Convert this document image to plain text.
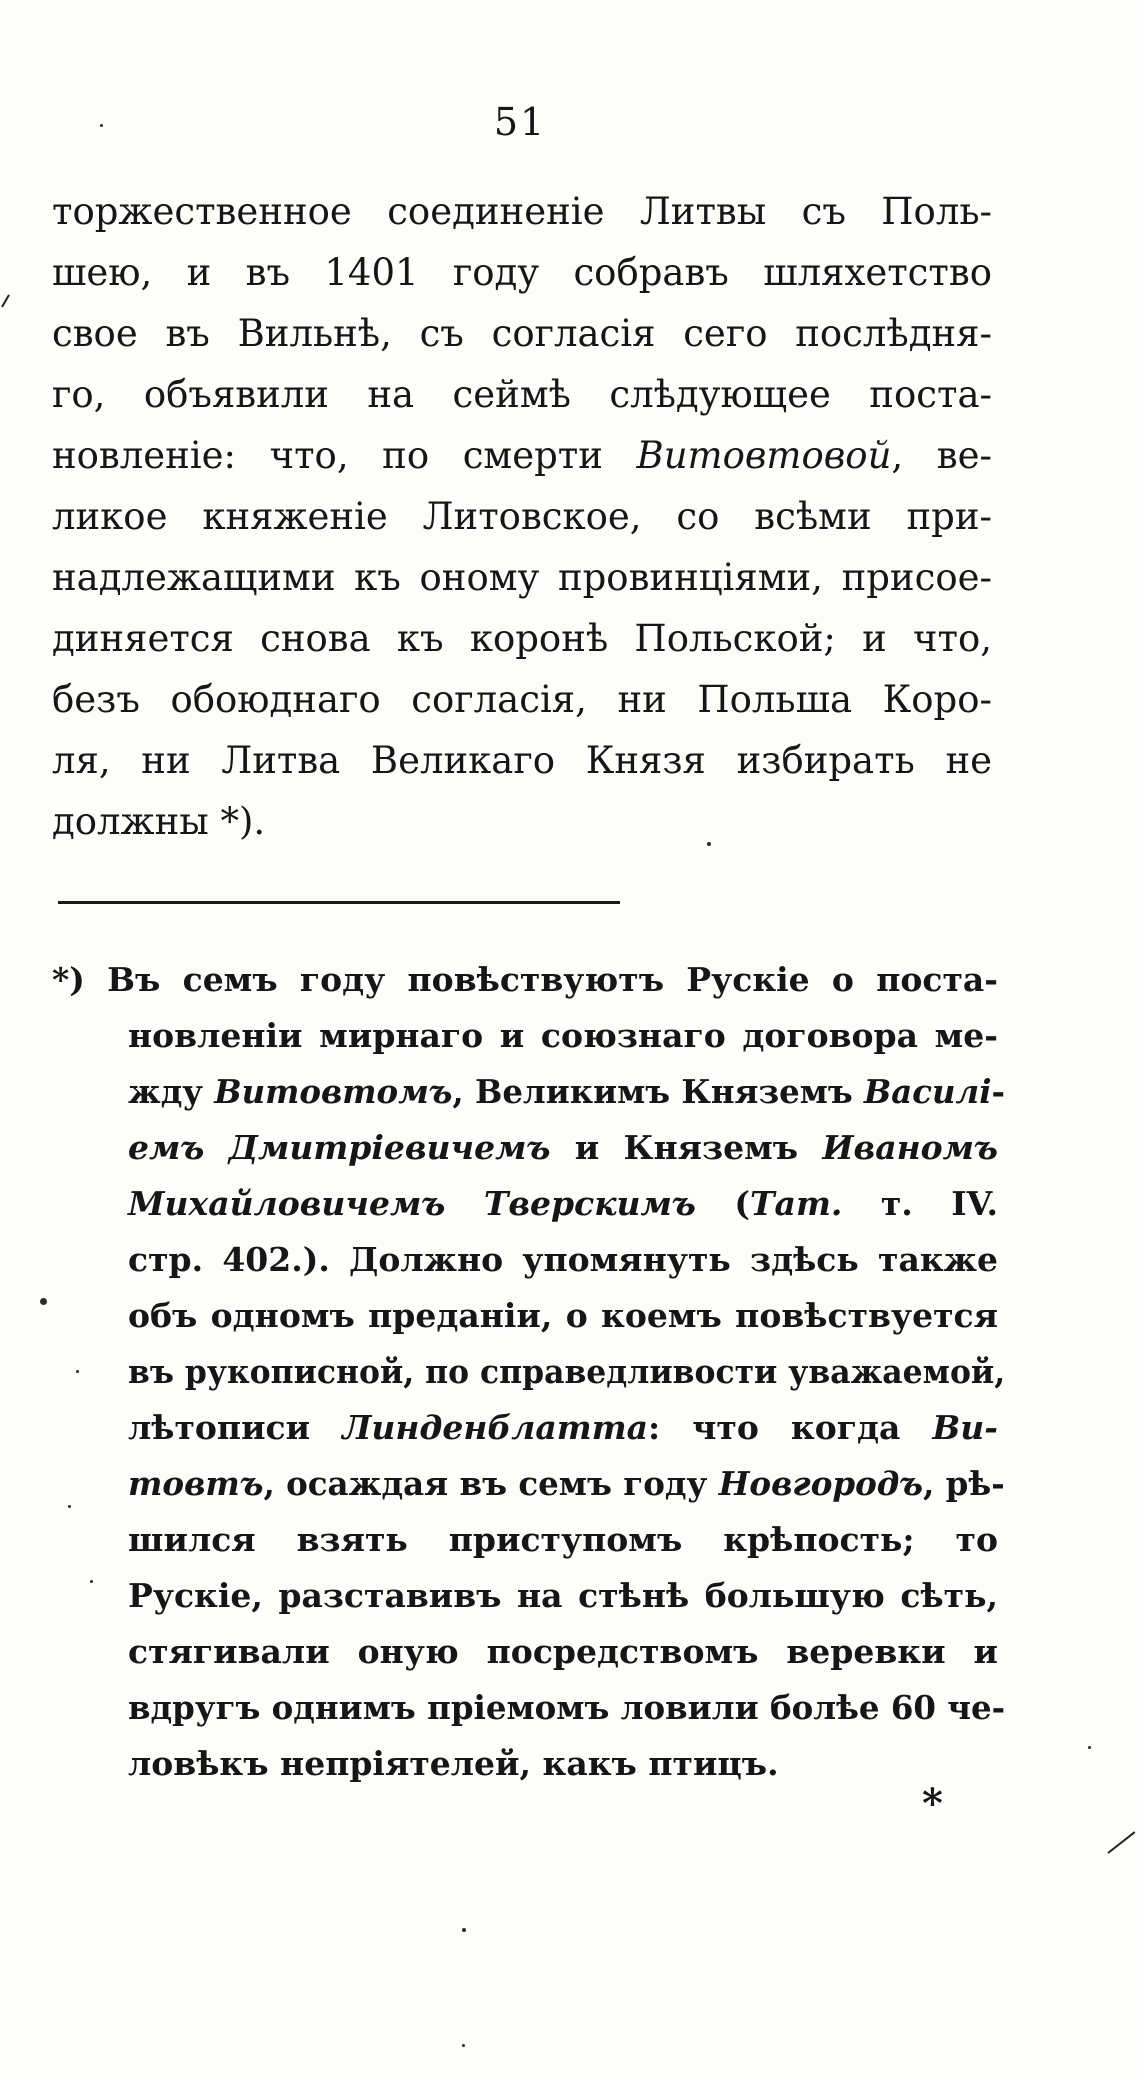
51
торжественное соединеніе Литвы съ Поль-
шею, и въ 1401 году собравъ шляхетство
свое въ Вильнѣ, съ согласія сего послѣдня-
го, объявили на сеймѣ слѣдующее поста-
новленіе: что, по смерти Витовтовой, ве-
ликое княженіе Литовское, со всѣми при-
надлежащими къ оному провинціями, присое-
диняется снова къ коронѣ Польской; и что,
безъ обоюднаго согласія, ни Польша Коро-
ля, ни Литва Великаго Князя избирать не
должны *).
*) Въ семъ году повѣствуютъ Рускіе о поста-
новленіи мирнаго и союзнаго договора ме-
жду Витовтомъ, Великимъ Княземъ Василі-
емъ Дмитріевичемъ и Княземъ Иваномъ
Михайловичемъ Тверскимъ (Тат. т. IV.
стр. 402.). Должно упомянуть здѣсь также
объ одномъ преданіи, о коемъ повѣствуется
въ рукописной, по справедливости уважаемой,
лѣтописи Линденблатта: что когда Ви-
товтъ, осаждая въ семъ году Новгородъ, рѣ-
шился взять приступомъ крѣпость; то
Рускіе, разставивъ на стѣнѣ большую сѣть,
стягивали оную посредствомъ веревки и
вдругъ однимъ пріемомъ ловили болѣе 60 че-
ловѣкъ непріятелей, какъ птицъ.
*
